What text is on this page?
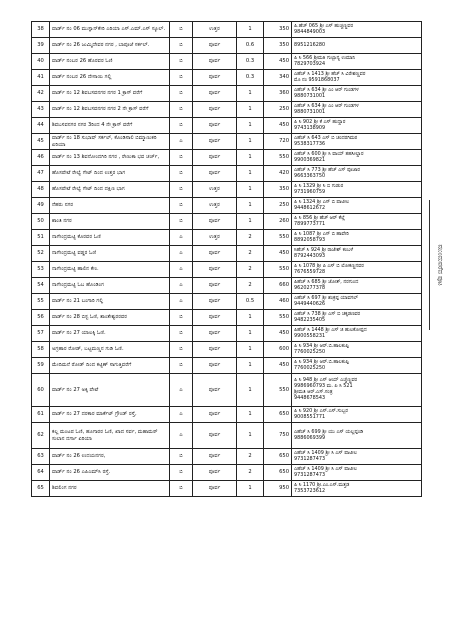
38	ವಾರ್ಡ್ ನಂ 06 ಮುಸ್ಲಾನ್‌ಕೇರಿ ಎರಿಯಾ ಎಸ್.ಎಮ್.ಎಸ್ ಸ್ಕೂಲ್.	ಬಿ	ಉತ್ತರ	1	350	ಪಿ.ಹೆಚ್ 065 ಶ್ರೀ ಎಸ್ ಹುಚ್ಚಣ್ಣವರ
9844849003

39	ವಾರ್ಡ್ ನಂ 26 ಜುಮ್ಮಿದೇವರ ನಗರ , ಬಾಪೂಜೆ ಸರ್ಕಲ್.	ಬಿ	ಪೂರ್ವ	0.6	350	8951216280

40	ವಾರ್ಡ್ ನಂಬರ 26 ಹೊರವರ ಓಣಿ	ಬಿ	ಪೂರ್ವ	0.3	450	ಪಿ ಸಿ 566 ಶ್ರೀಮತಿ ಗುಲ್ಬಾನ್ಯ ಉಮಾನಿ
7829703924

41	ವಾರ್ಡ್ ನಂಬರ 26 ದೇಸಾಯಿ ಗಲ್ಲಿ	ಬಿ	ಪೂರ್ವ	0.3	340	ಎಹೆಚ್ ಸಿ 1413 ಶ್ರೀ ಹೆಚ್ ಸಿ ವಿರೇಶಣ್ಣವರ
ಮೊ ನಂ 9591868037

42	ವಾರ್ಡ್ ನಂ 12 ಶಿವಬಸವನಗರ ನಗರ 1 ಕ್ರಾಸ್ ವರೆಗೆ	ಬಿ	ಪೂರ್ವ	1	360	ಎಹೆಚ್ ಸಿ 634 ಶ್ರೀ ಎಂ ಆರ್ ಗುಂಡಗಳ
9880731001

43	ವಾರ್ಡ್ ನಂ 12 ಶಿವಬಸವನಗರ ನಗರ 2 ನೇ ಕ್ರಾಸ್ ವರೆಗೆ	ಬಿ	ಪೂರ್ವ	1	250	ಎಹೆಚ್ ಸಿ 634 ಶ್ರೀ ಎಂ ಆರ್ ಗುಂಡಗಳ
9880731001

44	ಶಿವಬಸವನಗರ ನಗರ 3ರಿಂದ 4 ನೇ ಕ್ರಾಸ್ ವರೆಗೆ	ಬಿ	ಪೂರ್ವ	1	450	ಪಿ ಸಿ 902 ಶ್ರೀ ಕೆ ಎಸ್ ಹುದ್ದಾರ
9743138909

45	ವಾರ್ಡ್ ನಂ 18 ಸುಭಾಷ್ ಸರ್ಕಲ್, ಕೊಂಡಿಸಾಲಿ ಬಿಮ್ಮಾಣುಕರಿ ಏರಿಯಾ	ಎ	ಪೂರ್ವ	1	720	ಎಹೆಚ್ ಸಿ 643 ಎಸ್ ಬಿ ಚಂದರಗಿಮಠ
9538317736

46	ವಾರ್ಡ್ ನಂ 13 ಶಿವನೋಂದಗಿರಿ ನಗರ , ರೇಣುಕಾ ಭವ ಚರ್ಚ್,	ಬಿ	ಪೂರ್ವ	1	550	ಎಹೆಚ್ ಸಿ 600 ಶ್ರೀ ಸಿ ವಾಯ್ ತಹಸೀಲ್ದಾರ
9900369821

47	ಹೊಸಪೇಟೆ ರೇಲ್ವೆ ಗೇಟ್ ದಿಂದ ಉತ್ತರ ಭಾಗ	ಬಿ	ಪೂರ್ವ	1	420	ಎಹೆಚ್ ಸಿ 773 ಶ್ರೀ ಹೆಚ್ ಎಸ್ ಪೂಜಾರ
9663363750

48	ಹೊಸಪೇಟೆ ರೇಲ್ವೆ ಗೇಟ್ ದಿಂದ ದಕ್ಷಿಣ ಭಾಗ	ಬಿ	ಉತ್ತರ	1	350	ಪಿ ಸಿ 1329 ಶ್ರೀ ಸಿ ಬಿ ಗುಡುರ
9731960759

49	ನೆಹರು ನಗರ	ಬಿ	ಉತ್ತರ	1	250	ಪಿ ಸಿ 1324 ಶ್ರೀ ಎಸ್ ಬಿ ಪಾಟೀಲ
9448612672

50	ಶಾಂತಿ ನಗರ	ಬಿ	ಪೂರ್ವ	1	260	ಪಿ ಸಿ 856 ಶ್ರೀ ಹೆಚ್ ಆರ್ ಕೆಲ್ಲೆ
7899773771

51	ನಾಗೇಂದ್ರಮಟ್ಟಿ ಕೊರವರ ಓಣಿ	ಎ	ಉತ್ತರ	2	550	ಪಿ ಸಿ 1087 ಶ್ರೀ ಎಸ್ ಬಿ ಹಾವೇರಿ
8892058793

52	ನಾಗೇಂದ್ರಮಟ್ಟಿ ವಡ್ಡರ ಓಣಿ	ಎ	ಪೂರ್ವ	2	450	ಸಿಹೆಚ್ ಸಿ 924 ಶ್ರೀ ರಾಜೇಶ್ ಕಂಬಳೆ
8792443093

53	ನಾಗೇಂದ್ರಮಟ್ಟಿ ಹಾಲಿನ ಕೇಂ.	ಎ	ಪೂರ್ವ	2	550	ಪಿ ಸಿ 1078 ಶ್ರೀ ಪಿ ಎಸ್ ಬಿ ಲೋಕಣ್ಣನವರ
7676559728

54	ನಾಗೇಂದ್ರಮಟ್ಟಿ ಓಬ ಹೊಂಡಿಂಗ	ಎ	ಪೂರ್ವ	2	660	ಪಿಹೆಚ್ ಸಿ 685 ಶ್ರೀ ಜೋತ್, ನರಗುಂದ
9620277378

55	ವಾರ್ಡ್ ನಂ 21 ಬಂಗಾರಿ ಗಲ್ಲಿ	ಎ	ಪೂರ್ವ	0.5	460	ಎಹೆಚ್ ಸಿ 697 ಶ್ರೀ ಶಂಕ್ರಪ್ಪ ಯಾವಗಲ್
9449440626

56	ವಾರ್ಡ್ ನಂ 28 ಬಿಸ್ಟ ಓಣಿ, ಶಾಂತೇಶ್ವರರವರ	ಬಿ	ಪೂರ್ವ	1	550	ಎಹೆಚ್ ಸಿ 738 ಶ್ರೀ ಎಸ್ ಬಿ ಚಕ್ಕಡಣವರ
9482235405

57	ವಾರ್ಡ್ ನಂ 27 ಯಾಲಕ್ಕಿ ಓಣಿ.	ಬಿ	ಪೂರ್ವ	1	450	ಪಿಹೆಚ್ ಸಿ 1448 ಶ್ರೀ ಎಸ್ ಜಿ ಹುಲಕೋಪ್ಪದ
9900558231

58	ಅಗ್ರಹಾರ ರೋಡ್, ಬಟ್ಟಮಣ್ಣನ ಗುಡಿ ಓಣಿ.	ಬಿ	ಪೂರ್ವ	1	600	ಪಿ ಸಿ 934 ಶ್ರೀ ಆರ್.ಬಿ.ಹಾಲಕುಪ್ಪಿ
7760025250

59	ಮೇದಿಮನೆ ರೋಡ್ ದಿಂದ ಕಟ್ಟಿಣ್ ಸಾಗುತ್ತಿವರೆಗೆ	ಬಿ	ಪೂರ್ವ	1	450	ಪಿ ಸಿ 934 ಶ್ರೀ ಆರ್.ಬಿ.ಹಾಲಕುಪ್ಪಿ
7760025250

60	ವಾರ್ಡ್ ನಂ 27 ಅಕ್ಕಿ ಪೇಟೆ	ಎ	ಪೂರ್ವ	1	550	ಪಿ ಸಿ 948 ಶ್ರೀ ಎಸ್ ಆಯ್ ಎಚ್ಚೆಣ್ಣವರ
9986960793 ಮ. ಪಿ ಸಿ 521
ಶ್ರೀಮತಿ ಆರ್.ಎಸ್.ಸಂತ್ರ
9448678543

61	ವಾರ್ಡ್ ನಂ 27 ದರಕಾರ ಮಾರ್ಕೆಟ್ ಗ್ರೌಂಡ್ ರಸ್ತೆ,	ಎ	ಪೂರ್ವ	1	650	ಪಿ ಸಿ 920 ಶ್ರೀ ಎಸ್.ಎಸ್.ಸುಬ್ಬರ
9008551771

62	ಕಲ್ಲ ಮಂಟಪ ಓಣಿ, ಹೂಗಾರರ ಓಣಿ, ಖಾದ ಸರ್ವ, ಮಹಾಮಠ್ ಸುಲಾನ ದರ್ಗಾ ಏರಿಯಾ	ಎ	ಪೂರ್ವ	1	750	ಎಹೆಚ್ ಸಿ 699 ಶ್ರೀ ಯು ಎಸ್ ಯಲ್ಲಪ್ಪಂಡಿ
9886069399

63	ವಾರ್ಡ್ ನಂ 26 ಉದಯನಗರ,	ಬಿ	ಪೂರ್ವ	2	650	ಎಹೆಚ್ ಸಿ 1409 ಶ್ರೀ ಸಿ ಎಸ್ ಪಾಟೀಲ
9731287473

64	ವಾರ್ಡ್ ನಂ 26 ಎಪಿಎಮ್‌ಸಿ ರಸ್ತೆ.	ಬಿ	ಪೂರ್ವ	2	650	ಎಹೆಚ್ ಸಿ 1409 ಶ್ರೀ ಸಿ ಎಸ್ ಪಾಟೀಲ
9731287473

65	ಶಿವಲಿಂಗ ನಗರ	ಬಿ	ಪೂರ್ವ	1	950	ಪಿ ಸಿ 1170 ಶ್ರೀ.ಎಂ.ಎಸ್.ಮತ್ತಡ
7353723612
ಮುಂದುವರೆದ ಪುಟ
